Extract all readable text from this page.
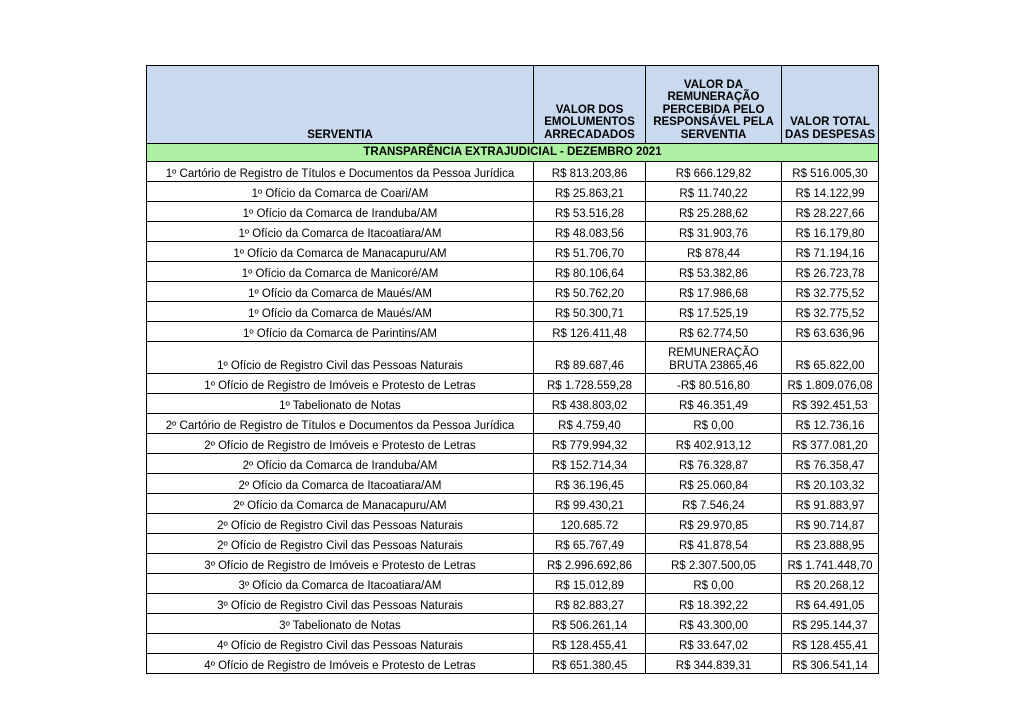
SERVENTIA	VALOR DOS EMOLUMENTOS ARRECADADOS	VALOR DA REMUNERAÇÃO PERCEBIDA PELO RESPONSÁVEL PELA SERVENTIA	VALOR TOTAL DAS DESPESAS
TRANSPARÊNCIA EXTRAJUDICIAL - DEZEMBRO 2021			
1º Cartório de Registro de Títulos e Documentos da Pessoa Jurídica	R$ 813.203,86	R$ 666.129,82	R$ 516.005,30
1º Ofício da Comarca de Coari/AM	R$ 25.863,21	R$ 11.740,22	R$ 14.122,99
1º Ofício da Comarca de Iranduba/AM	R$ 53.516,28	R$ 25.288,62	R$ 28.227,66
1º Ofício da Comarca de Itacoatiara/AM	R$ 48.083,56	R$ 31.903,76	R$ 16.179,80
1º Ofício da Comarca de Manacapuru/AM	R$ 51.706,70	R$ 878,44	R$ 71.194,16
1º Ofício da Comarca de Manicoré/AM	R$ 80.106,64	R$ 53.382,86	R$ 26.723,78
1º Ofício da Comarca de Maués/AM	R$ 50.762,20	R$ 17.986,68	R$ 32.775,52
1º Ofício da Comarca de Maués/AM	R$ 50.300,71	R$ 17.525,19	R$ 32.775,52
1º Ofício da Comarca de Parintins/AM	R$ 126.411,48	R$ 62.774,50	R$ 63.636,96
1º Ofício de Registro Civil das Pessoas Naturais	R$ 89.687,46	REMUNERAÇÃO BRUTA 23865,46	R$ 65.822,00
1º Ofício de Registro de Imóveis e Protesto de Letras	R$ 1.728.559,28	-R$ 80.516,80	R$ 1.809.076,08
1º Tabelionato de Notas	R$ 438.803,02	R$ 46.351,49	R$ 392.451,53
2º Cartório de Registro de Títulos e Documentos da Pessoa Jurídica	R$ 4.759,40	R$ 0,00	R$ 12.736,16
2º Ofício de Registro de Imóveis e Protesto de Letras	R$ 779.994,32	R$ 402.913,12	R$ 377.081,20
2º Ofício da Comarca de Iranduba/AM	R$ 152.714,34	R$ 76.328,87	R$ 76.358,47
2º Ofício da Comarca de Itacoatiara/AM	R$ 36.196,45	R$ 25.060,84	R$ 20.103,32
2º Ofício da Comarca de Manacapuru/AM	R$ 99.430,21	R$ 7.546,24	R$ 91.883,97
2º Ofício de Registro Civil das Pessoas Naturais	120.685.72	R$ 29.970,85	R$ 90.714,87
2º Ofício de Registro Civil das Pessoas Naturais	R$ 65.767,49	R$ 41.878,54	R$ 23.888,95
3º Ofício de Registro de Imóveis e Protesto de Letras	R$ 2.996.692,86	R$ 2.307.500,05	R$ 1.741.448,70
3º Ofício da Comarca de Itacoatiara/AM	R$ 15.012,89	R$ 0,00	R$ 20.268,12
3º Ofício de Registro Civil das Pessoas Naturais	R$ 82.883,27	R$ 18.392,22	R$ 64.491,05
3º Tabelionato de Notas	R$ 506.261,14	R$ 43.300,00	R$ 295.144,37
4º Ofício de Registro Civil das Pessoas Naturais	R$ 128.455,41	R$ 33.647,02	R$ 128.455,41
4º Ofício de Registro de Imóveis e Protesto de Letras	R$ 651.380,45	R$ 344.839,31	R$ 306.541,14
